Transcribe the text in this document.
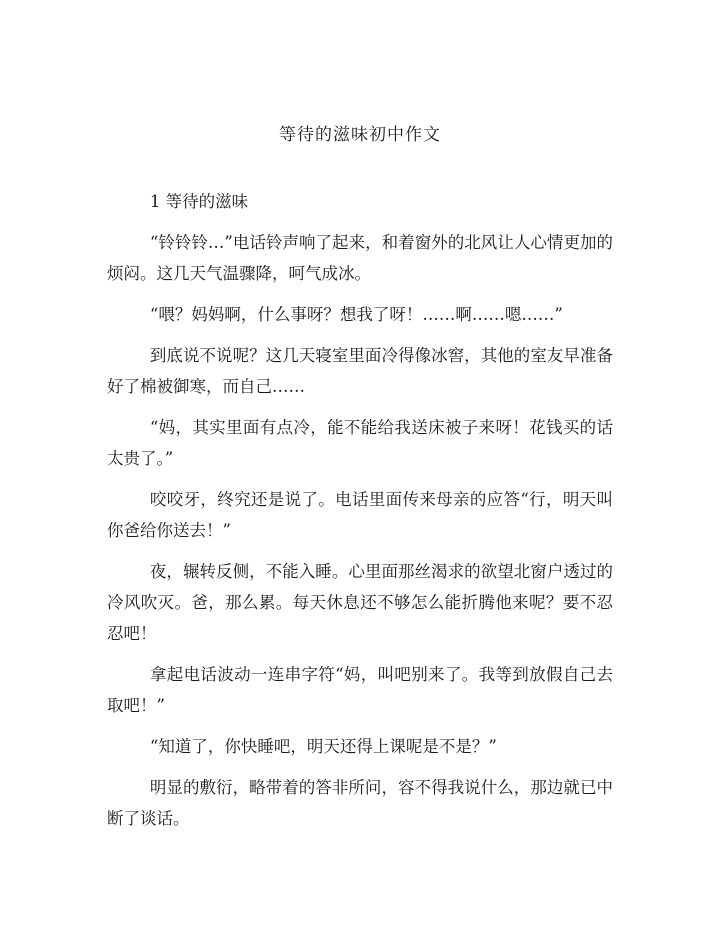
等待的滋味初中作文

1 等待的滋味

“铃铃铃…”电话铃声响了起来，和着窗外的北风让人心情更加的烦闷。这几天气温骤降，呵气成冰。

“喂？妈妈啊，什么事呀？想我了呀！……啊……嗯……”

到底说不说呢？这几天寝室里面冷得像冰窖，其他的室友早准备好了棉被御寒，而自己……

“妈，其实里面有点冷，能不能给我送床被子来呀！花钱买的话太贵了。”

咬咬牙，终究还是说了。电话里面传来母亲的应答“行，明天叫你爸给你送去！”

夜，辗转反侧，不能入睡。心里面那丝渴求的欲望北窗户透过的冷风吹灭。爸，那么累。每天休息还不够怎么能折腾他来呢？要不忍忍吧！

拿起电话波动一连串字符“妈，叫吧别来了。我等到放假自己去取吧！”

“知道了，你快睡吧，明天还得上课呢是不是？”

明显的敷衍，略带着的答非所问，容不得我说什么，那边就已中断了谈话。
